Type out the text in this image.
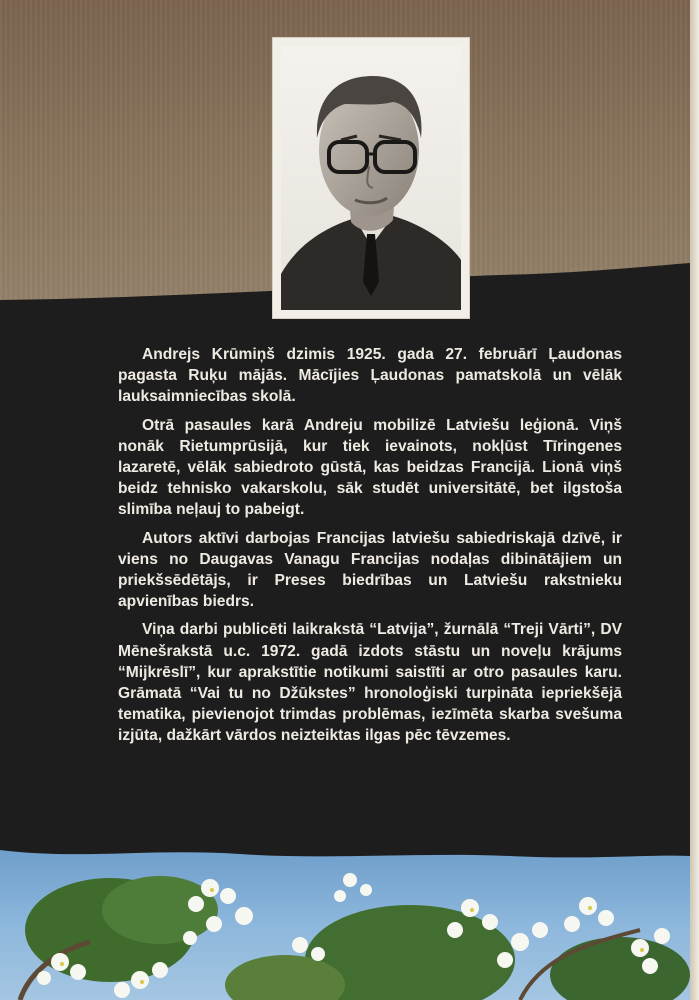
Andrejs Krūmiņš dzimis 1925. gada 27. februārī Ļaudonas pagasta Ruķu mājās. Mācījies Ļaudonas pamatskolā un vēlāk lauksaimniecības skolā.

Otrā pasaules karā Andreju mobilizē Latviešu leģionā. Viņš nonāk Rietumprūsijā, kur tiek ievainots, nokļūst Tīringenes lazaretē, vēlāk sabiedroto gūstā, kas beidzas Francijā. Lionā viņš beidz tehnisko vakarskolu, sāk studēt universitātē, bet ilgstoša slimība neļauj to pabeigt.

Autors aktīvi darbojas Francijas latviešu sabiedriskajā dzīvē, ir viens no Daugavas Vanagu Francijas nodaļas dibinātājiem un priekšsēdētājs, ir Preses biedrības un Latviešu rakstnieku apvienības biedrs.

Viņa darbi publicēti laikrakstā “Latvija”, žurnālā “Treji Vārti”, DV Mēnešrakstā u.c. 1972. gadā izdots stāstu un noveļu krājums “Mijkrēslī”, kur aprakstītie notikumi saistīti ar otro pasaules karu. Grāmatā “Vai tu no Džūkstes” hronoloģiski turpināta iepriekšējā tematika, pievienojot trimdas problēmas, iezīmēta skarba svešuma izjūta, dažkārt vārdos neizteiktas ilgas pēc tēvzemes.
